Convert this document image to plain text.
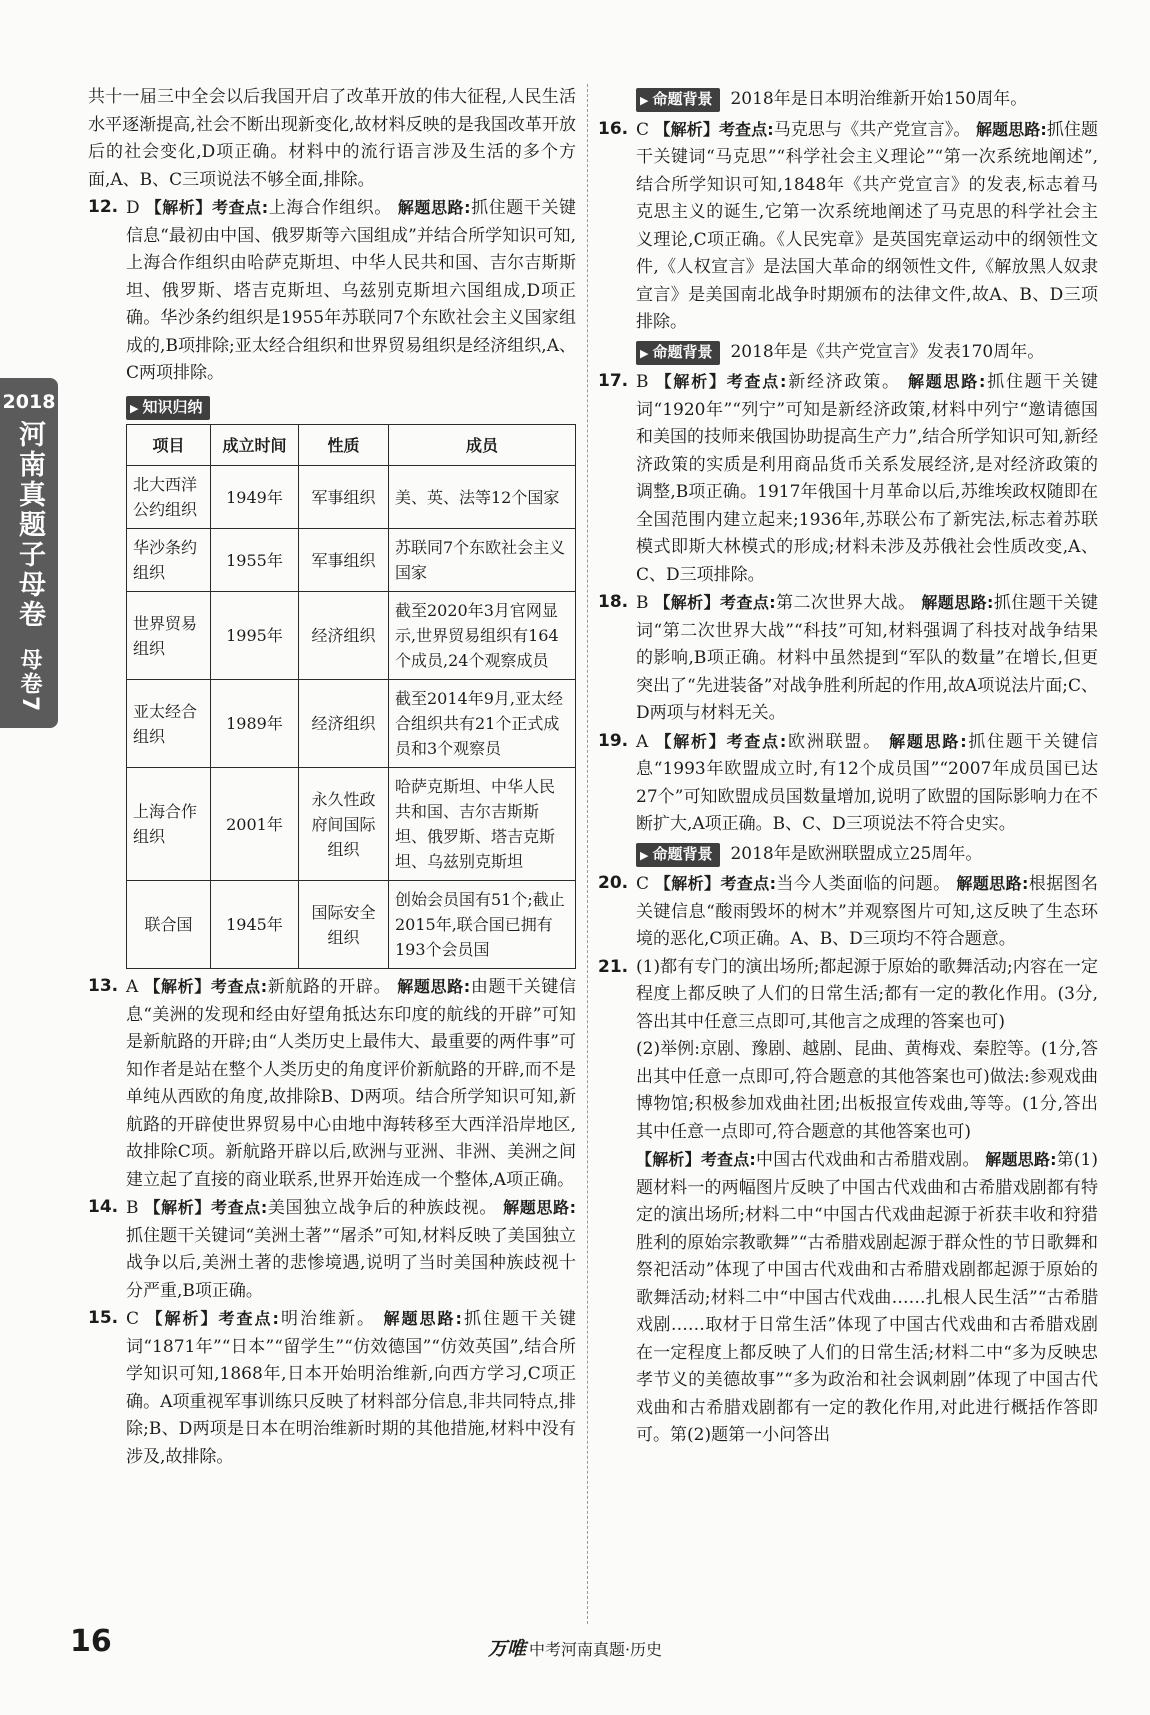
2018
河南真题子母卷
母卷7

共十一届三中全会以后我国开启了改革开放的伟大征程,人民生活水平逐渐提高,社会不断出现新变化,故材料反映的是我国改革开放后的社会变化,D项正确。材料中的流行语言涉及生活的多个方面,A、B、C三项说法不够全面,排除。

12. D 【解析】考查点:上海合作组织。 解题思路:抓住题干关键信息“最初由中国、俄罗斯等六国组成”并结合所学知识可知,上海合作组织由哈萨克斯坦、中华人民共和国、吉尔吉斯斯坦、俄罗斯、塔吉克斯坦、乌兹别克斯坦六国组成,D项正确。华沙条约组织是1955年苏联同7个东欧社会主义国家组成的,B项排除;亚太经合组织和世界贸易组织是经济组织,A、C两项排除。

▶ 知识归纳
项目	成立时间	性质	成员
北大西洋公约组织	1949年	军事组织	美、英、法等12个国家
华沙条约组织	1955年	军事组织	苏联同7个东欧社会主义国家
世界贸易组织	1995年	经济组织	截至2020年3月官网显示,世界贸易组织有164个成员,24个观察成员
亚太经合组织	1989年	经济组织	截至2014年9月,亚太经合组织共有21个正式成员和3个观察员
上海合作组织	2001年	永久性政府间国际组织	哈萨克斯坦、中华人民共和国、吉尔吉斯斯坦、俄罗斯、塔吉克斯坦、乌兹别克斯坦
联合国	1945年	国际安全组织	创始会员国有51个;截止2015年,联合国已拥有193个会员国
13. A 【解析】考查点:新航路的开辟。 解题思路:由题干关键信息“美洲的发现和经由好望角抵达东印度的航线的开辟”可知是新航路的开辟;由“人类历史上最伟大、最重要的两件事”可知作者是站在整个人类历史的角度评价新航路的开辟,而不是单纯从西欧的角度,故排除B、D两项。结合所学知识可知,新航路的开辟使世界贸易中心由地中海转移至大西洋沿岸地区,故排除C项。新航路开辟以后,欧洲与亚洲、非洲、美洲之间建立起了直接的商业联系,世界开始连成一个整体,A项正确。

14. B 【解析】考查点:美国独立战争后的种族歧视。 解题思路:抓住题干关键词“美洲土著”“屠杀”可知,材料反映了美国独立战争以后,美洲土著的悲惨境遇,说明了当时美国种族歧视十分严重,B项正确。

15. C 【解析】考查点:明治维新。 解题思路:抓住题干关键词“1871年”“日本”“留学生”“仿效德国”“仿效英国”,结合所学知识可知,1868年,日本开始明治维新,向西方学习,C项正确。A项重视军事训练只反映了材料部分信息,非共同特点,排除;B、D两项是日本在明治维新时期的其他措施,材料中没有涉及,故排除。

▶ 命题背景 2018年是日本明治维新开始150周年。

16. C 【解析】考查点:马克思与《共产党宣言》。 解题思路:抓住题干关键词“马克思”“科学社会主义理论”“第一次系统地阐述”,结合所学知识可知,1848年《共产党宣言》的发表,标志着马克思主义的诞生,它第一次系统地阐述了马克思的科学社会主义理论,C项正确。《人民宪章》是英国宪章运动中的纲领性文件,《人权宣言》是法国大革命的纲领性文件,《解放黑人奴隶宣言》是美国南北战争时期颁布的法律文件,故A、B、D三项排除。

▶ 命题背景 2018年是《共产党宣言》发表170周年。

17. B 【解析】考查点:新经济政策。 解题思路:抓住题干关键词“1920年”“列宁”可知是新经济政策,材料中列宁“邀请德国和美国的技师来俄国协助提高生产力”,结合所学知识可知,新经济政策的实质是利用商品货币关系发展经济,是对经济政策的调整,B项正确。1917年俄国十月革命以后,苏维埃政权随即在全国范围内建立起来;1936年,苏联公布了新宪法,标志着苏联模式即斯大林模式的形成;材料未涉及苏俄社会性质改变,A、C、D三项排除。

18. B 【解析】考查点:第二次世界大战。 解题思路:抓住题干关键词“第二次世界大战”“科技”可知,材料强调了科技对战争结果的影响,B项正确。材料中虽然提到“军队的数量”在增长,但更突出了“先进装备”对战争胜利所起的作用,故A项说法片面;C、D两项与材料无关。

19. A 【解析】考查点:欧洲联盟。 解题思路:抓住题干关键信息“1993年欧盟成立时,有12个成员国”“2007年成员国已达27个”可知欧盟成员国数量增加,说明了欧盟的国际影响力在不断扩大,A项正确。B、C、D三项说法不符合史实。

▶ 命题背景 2018年是欧洲联盟成立25周年。

20. C 【解析】考查点:当今人类面临的问题。 解题思路:根据图名关键信息“酸雨毁坏的树木”并观察图片可知,这反映了生态环境的恶化,C项正确。A、B、D三项均不符合题意。

21. (1)都有专门的演出场所;都起源于原始的歌舞活动;内容在一定程度上都反映了人们的日常生活;都有一定的教化作用。(3分,答出其中任意三点即可,其他言之成理的答案也可)

(2)举例:京剧、豫剧、越剧、昆曲、黄梅戏、秦腔等。(1分,答出其中任意一点即可,符合题意的其他答案也可)做法:参观戏曲博物馆;积极参加戏曲社团;出板报宣传戏曲,等等。(1分,答出其中任意一点即可,符合题意的其他答案也可)

【解析】考查点:中国古代戏曲和古希腊戏剧。 解题思路:第(1)题材料一的两幅图片反映了中国古代戏曲和古希腊戏剧都有特定的演出场所;材料二中“中国古代戏曲起源于祈获丰收和狩猎胜利的原始宗教歌舞”“古希腊戏剧起源于群众性的节日歌舞和祭祀活动”体现了中国古代戏曲和古希腊戏剧都起源于原始的歌舞活动;材料二中“中国古代戏曲……扎根人民生活”“古希腊戏剧……取材于日常生活”体现了中国古代戏曲和古希腊戏剧在一定程度上都反映了人们的日常生活;材料二中“多为反映忠孝节义的美德故事”“多为政治和社会讽刺剧”体现了中国古代戏曲和古希腊戏剧都有一定的教化作用,对此进行概括作答即可。第(2)题第一小问答出

16	万唯 中考河南真题·历史
